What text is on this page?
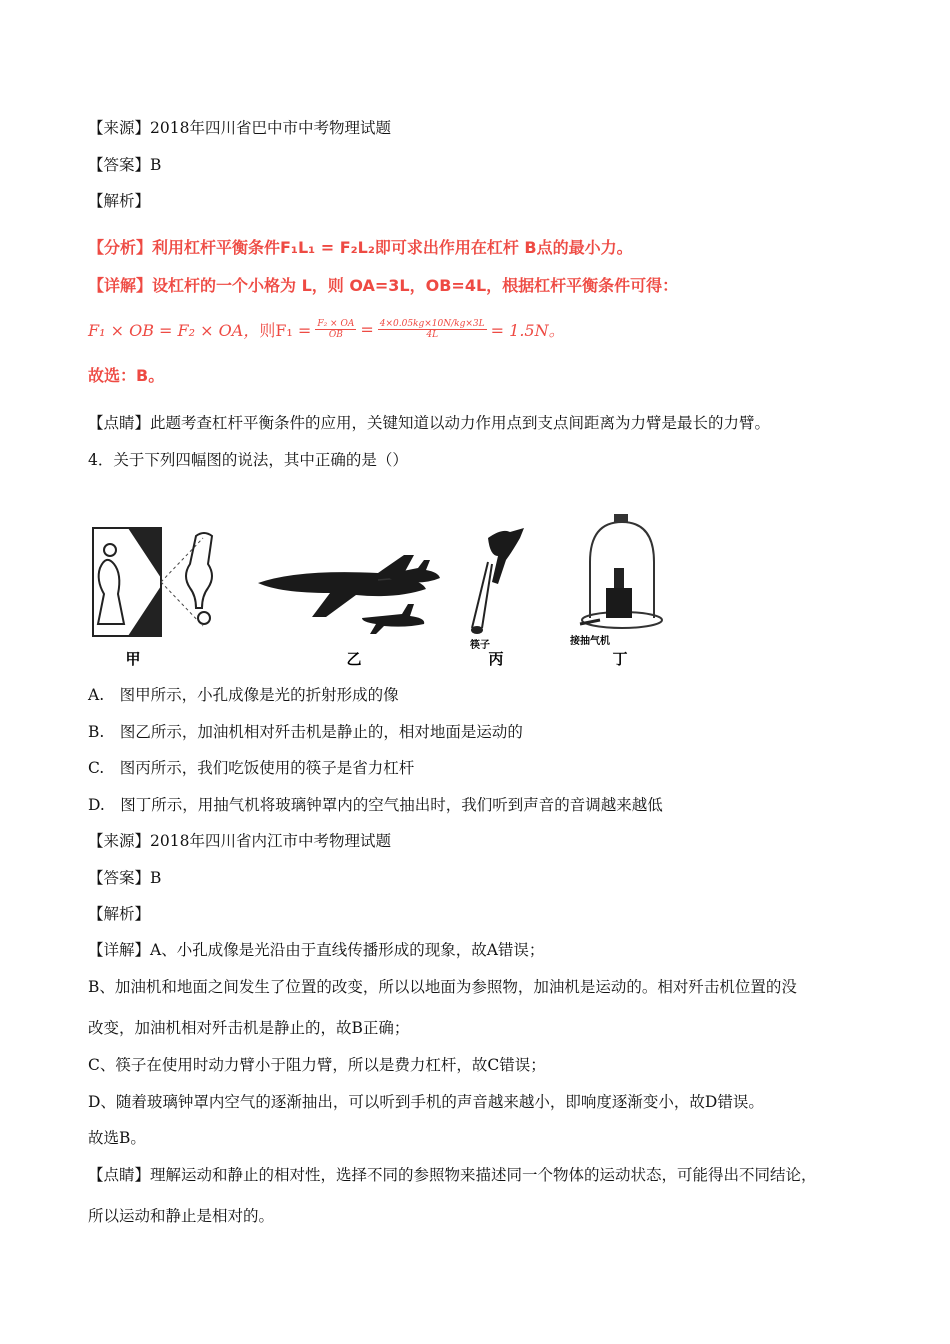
【来源】2018年四川省巴中市中考物理试题
【答案】B
【解析】
【分析】利用杠杆平衡条件F₁L₁ = F₂L₂即可求出作用在杠杆 B点的最小力。
【详解】设杠杆的一个小格为 L，则 OA=3L，OB=4L，根据杠杆平衡条件可得：
F₁ × OB = F₂ × OA， 则$F_1 = \frac{\text{F₂ × OA}}{OB} = \frac{4\times 0.05kg\times 10N/kg\times 3L}{4L} = 1.5N$。
故选：B。
【点睛】此题考查杠杆平衡条件的应用，关键知道以动力作用点到支点间距离为力臂是最长的力臂。
4．关于下列四幅图的说法，其中正确的是（）
甲	乙
筷子
丙
接抽气机
丁
A.　图甲所示，小孔成像是光的折射形成的像
B.　图乙所示，加油机相对歼击机是静止的，相对地面是运动的
C.　图丙所示，我们吃饭使用的筷子是省力杠杆
D.　图丁所示，用抽气机将玻璃钟罩内的空气抽出时，我们听到声音的音调越来越低
【来源】2018年四川省内江市中考物理试题
【答案】B
【解析】
【详解】A、小孔成像是光沿由于直线传播形成的现象，故A错误；
B、加油机和地面之间发生了位置的改变，所以以地面为参照物，加油机是运动的。相对歼击机位置的没
改变，加油机相对歼击机是静止的，故B正确；
C、筷子在使用时动力臂小于阻力臂，所以是费力杠杆，故C错误；
D、随着玻璃钟罩内空气的逐渐抽出，可以听到手机的声音越来越小，即响度逐渐变小，故D错误。
故选B。
【点睛】理解运动和静止的相对性，选择不同的参照物来描述同一个物体的运动状态，可能得出不同结论，
所以运动和静止是相对的。
